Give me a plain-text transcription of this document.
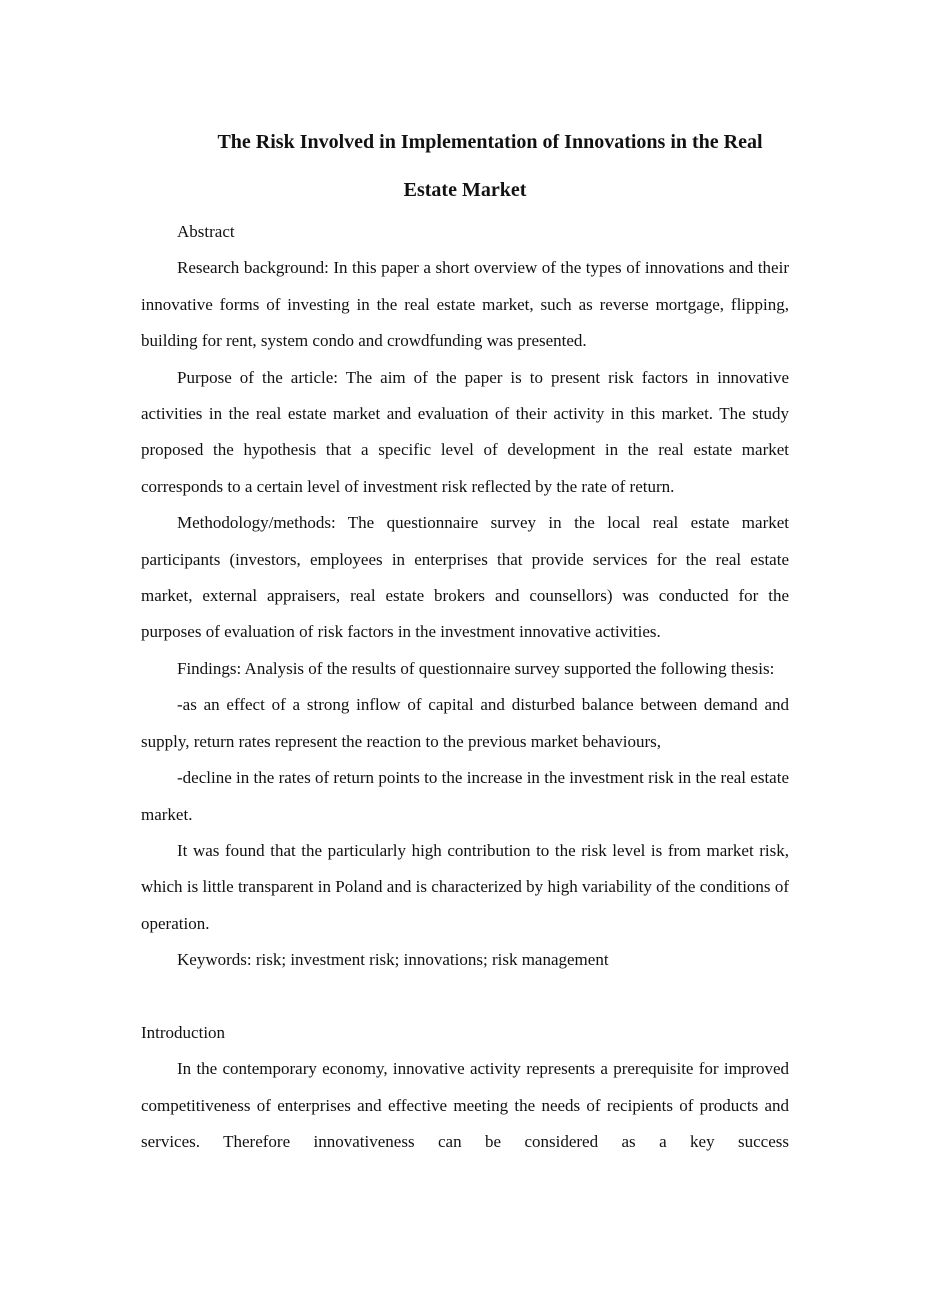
The Risk Involved in Implementation of Innovations in the Real
Estate Market

Abstract

Research background: In this paper a short overview of the types of innovations and their innovative forms of investing in the real estate market, such as reverse mortgage, flipping, building for rent, system condo and crowdfunding was presented.

Purpose of the article: The aim of the paper is to present risk factors in innovative activities in the real estate market and evaluation of their activity in this market. The study proposed the hypothesis that a specific level of development in the real estate market corresponds to a certain level of investment risk reflected by the rate of return.

Methodology/methods: The questionnaire survey in the local real estate market participants (investors, employees in enterprises that provide services for the real estate market, external appraisers, real estate brokers and counsellors) was conducted for the purposes of evaluation of risk factors in the investment innovative activities.

Findings: Analysis of the results of questionnaire survey supported the following thesis:

-as an effect of a strong inflow of capital and disturbed balance between demand and supply, return rates represent the reaction to the previous market behaviours,

-decline in the rates of return points to the increase in the investment risk in the real estate market.

It was found that the particularly high contribution to the risk level is from market risk, which is little transparent in Poland and is characterized by high variability of the conditions of operation.

Keywords: risk; investment risk; innovations; risk management

Introduction

In the contemporary economy, innovative activity represents a prerequisite for improved competitiveness of enterprises and effective meeting the needs of recipients of products and services. Therefore innovativeness can be considered as a key success
